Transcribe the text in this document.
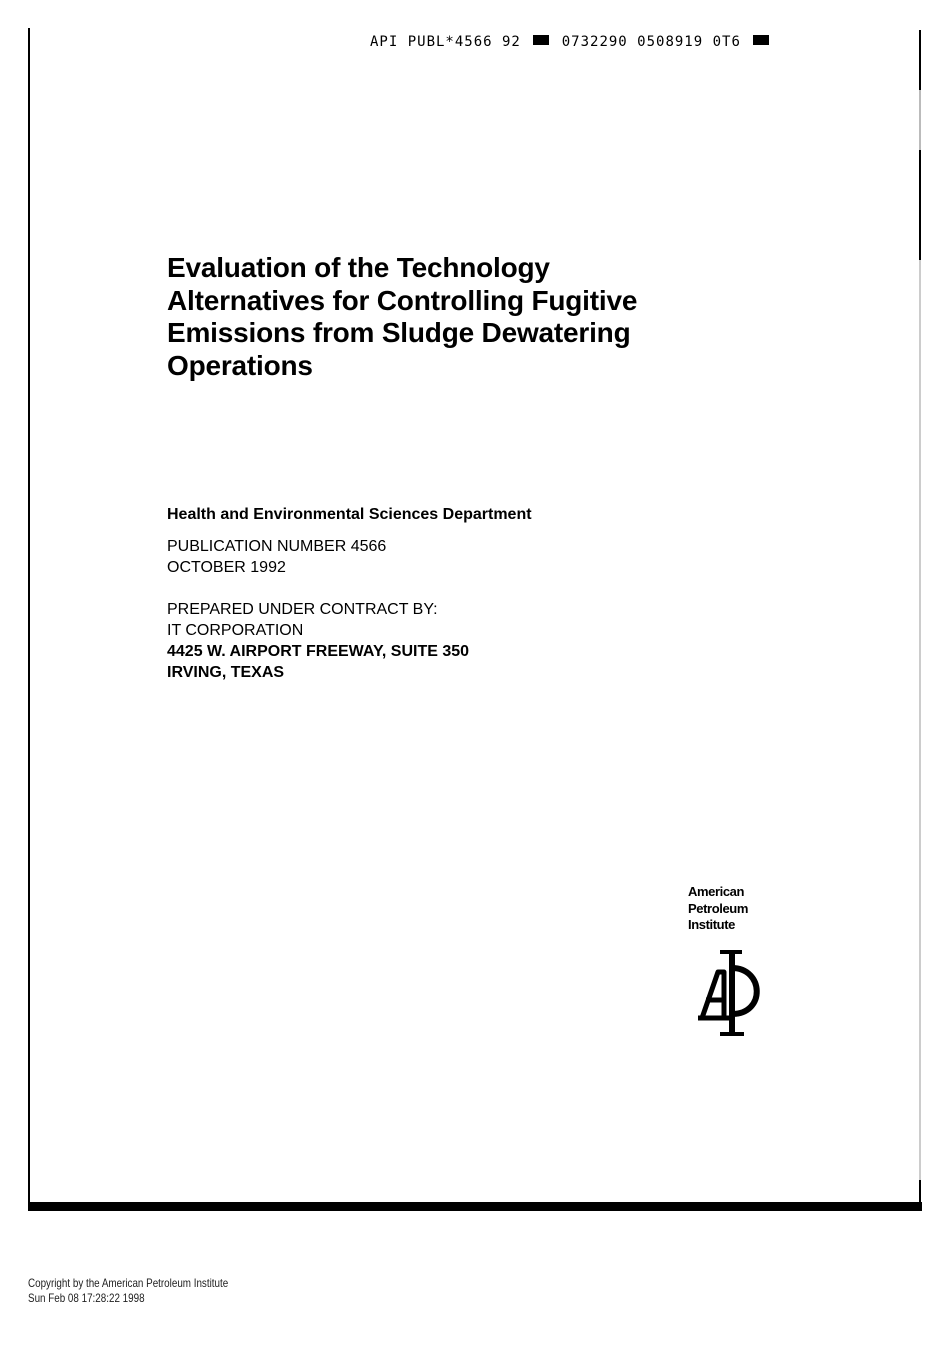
API PUBL*4566 92	0732290 0508919 0T6
Evaluation of the Technology
Alternatives for Controlling Fugitive
Emissions from Sludge Dewatering
Operations
Health and Environmental Sciences Department
PUBLICATION NUMBER 4566
OCTOBER 1992
PREPARED UNDER CONTRACT BY:
IT CORPORATION
4425 W. AIRPORT FREEWAY, SUITE 350
IRVING, TEXAS
American
Petroleum
Institute
Copyright by the American Petroleum Institute
Sun Feb 08 17:28:22 1998
